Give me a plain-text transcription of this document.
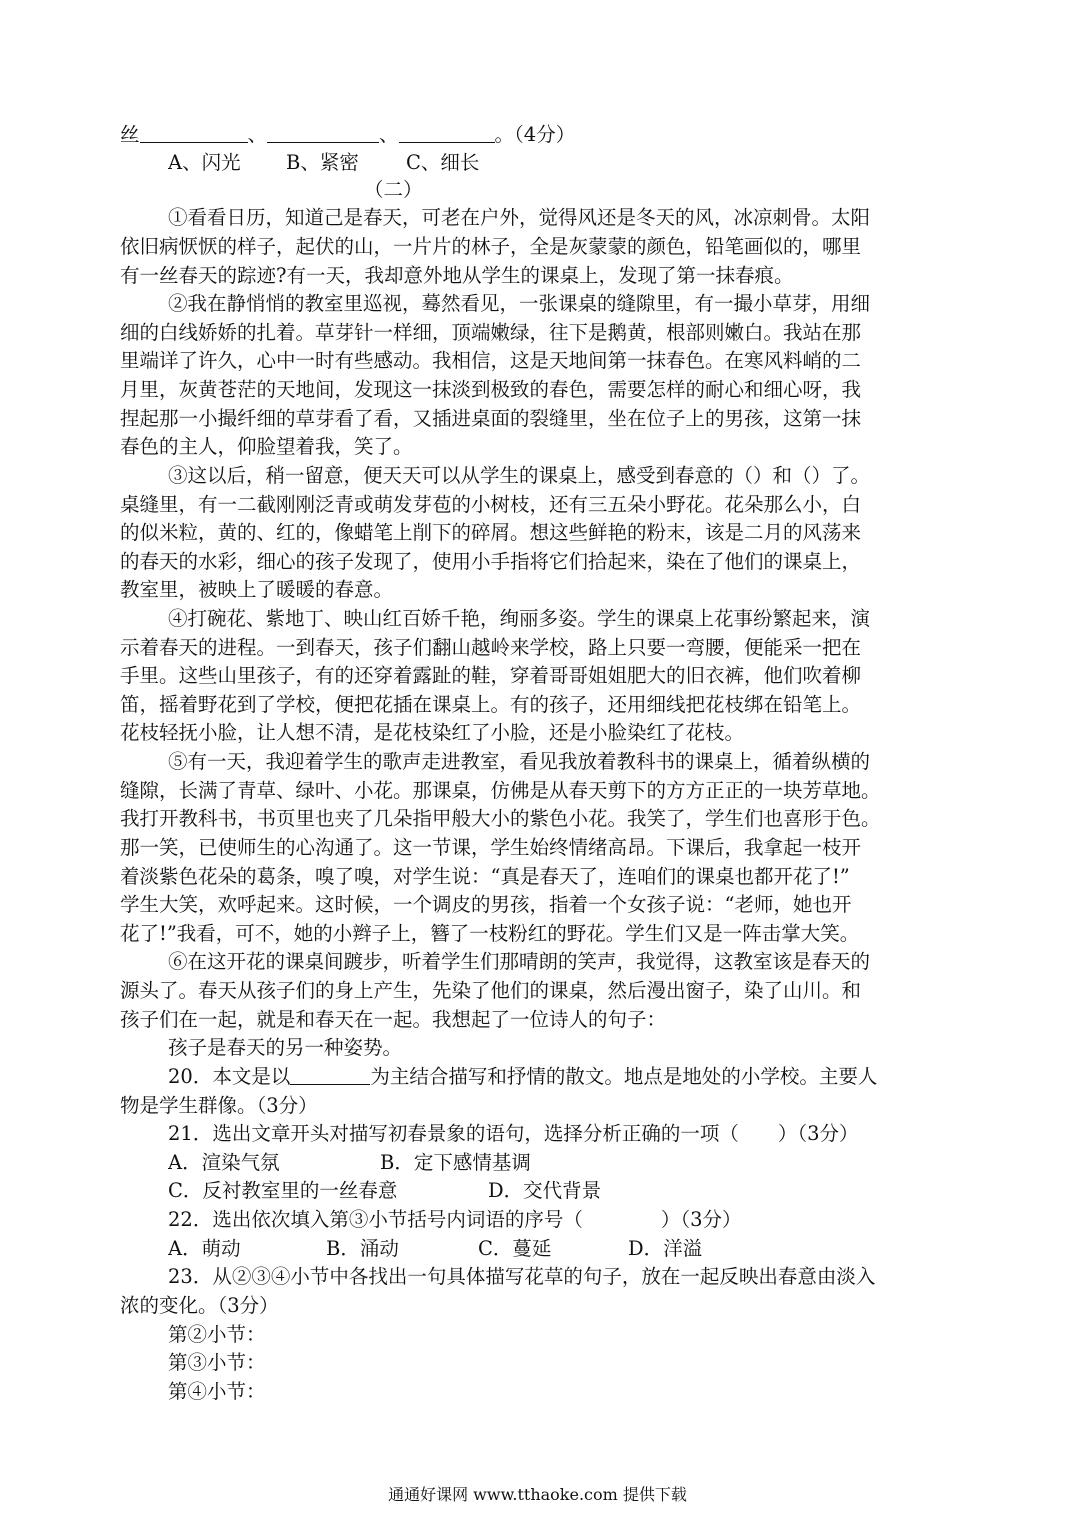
丝	、	、	。（4分）
A、闪光 B、紧密 C、细长
（二）
①看看日历，知道己是春天，可老在户外，觉得风还是冬天的风，冰凉刺骨。太阳
依旧病恹恹的样子，起伏的山，一片片的林子，全是灰蒙蒙的颜色，铅笔画似的，哪里
有一丝春天的踪迹?有一天，我却意外地从学生的课桌上，发现了第一抹春痕。
②我在静悄悄的教室里巡视，蓦然看见，一张课桌的缝隙里，有一撮小草芽，用细
细的白线娇娇的扎着。草芽针一样细，顶端嫩绿，往下是鹅黄，根部则嫩白。我站在那
里端详了许久，心中一时有些感动。我相信，这是天地间第一抹春色。在寒风料峭的二
月里，灰黄苍茫的天地间，发现这一抹淡到极致的春色，需要怎样的耐心和细心呀，我
捏起那一小撮纤细的草芽看了看，又插进桌面的裂缝里，坐在位子上的男孩，这第一抹
春色的主人，仰脸望着我，笑了。
③这以后，稍一留意，便天天可以从学生的课桌上，感受到春意的（）和（）了。
桌缝里，有一二截刚刚泛青或萌发芽苞的小树枝，还有三五朵小野花。花朵那么小，白
的似米粒，黄的、红的，像蜡笔上削下的碎屑。想这些鲜艳的粉末，该是二月的风荡来
的春天的水彩，细心的孩子发现了，使用小手指将它们拾起来，染在了他们的课桌上，
教室里，被映上了暖暖的春意。
④打碗花、紫地丁、映山红百娇千艳，绚丽多姿。学生的课桌上花事纷繁起来，演
示着春天的进程。一到春天，孩子们翻山越岭来学校，路上只要一弯腰，便能采一把在
手里。这些山里孩子，有的还穿着露趾的鞋，穿着哥哥姐姐肥大的旧衣裤，他们吹着柳
笛，摇着野花到了学校，便把花插在课桌上。有的孩子，还用细线把花枝绑在铅笔上。
花枝轻抚小脸，让人想不清，是花枝染红了小脸，还是小脸染红了花枝。
⑤有一天，我迎着学生的歌声走进教室，看见我放着教科书的课桌上，循着纵横的
缝隙，长满了青草、绿叶、小花。那课桌，仿佛是从春天剪下的方方正正的一块芳草地。
我打开教科书，书页里也夹了几朵指甲般大小的紫色小花。我笑了，学生们也喜形于色。
那一笑，已使师生的心沟通了。这一节课，学生始终情绪高昂。下课后，我拿起一枝开
着淡紫色花朵的葛条，嗅了嗅，对学生说：“真是春天了，连咱们的课桌也都开花了!”
学生大笑，欢呼起来。这时候，一个调皮的男孩，指着一个女孩子说：“老师，她也开
花了!”我看，可不，她的小辫子上，簪了一枝粉红的野花。学生们又是一阵击掌大笑。
⑥在这开花的课桌间踱步，听着学生们那晴朗的笑声，我觉得，这教室该是春天的
源头了。春天从孩子们的身上产生，先染了他们的课桌，然后漫出窗子，染了山川。和
孩子们在一起，就是和春天在一起。我想起了一位诗人的句子：
孩子是春天的另一种姿势。
20．本文是以	为主结合描写和抒情的散文。地点是地处的小学校。主要人
物是学生群像。（3分）
21．选出文章开头对描写初春景象的语句，选择分析正确的一项（　　）（3分）
A．渲染气氛	B．定下感情基调
C．反衬教室里的一丝春意	D．交代背景
22．选出依次填入第③小节括号内词语的序号（　　　　）（3分）
A．萌动	B．涌动	C．蔓延	D．洋溢
23．从②③④小节中各找出一句具体描写花草的句子，放在一起反映出春意由淡入
浓的变化。（3分）
第②小节：
第③小节：
第④小节：
通通好课网 www.tthaoke.com 提供下载
